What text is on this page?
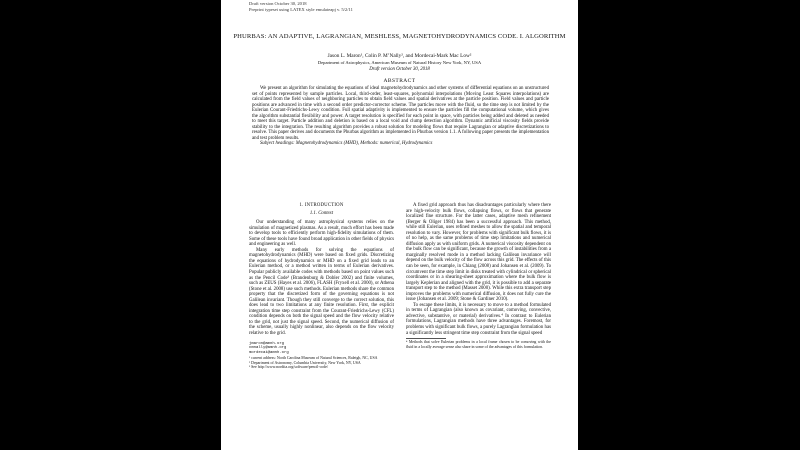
Draft version October 30, 2018
Preprint typeset using LATEX style emulateapj v. 5/2/11
PHURBAS: AN ADAPTIVE, LAGRANGIAN, MESHLESS, MAGNETOHYDRODYNAMICS CODE. I. ALGORITHM
Jason L. Maron¹, Colin P. M’Nally², and Mordecai-Mark Mac Low²
Department of Astrophysics, American Museum of Natural History New York, NY, USA
Draft version October 30, 2018
ABSTRACT
We present an algorithm for simulating the equations of ideal magnetohydrodynamics and other systems of differential equations on an unstructured set of points represented by sample particles. Local, third-order, least-squares, polynomial interpolations (Moving Least Squares interpolations) are calculated from the field values of neighboring particles to obtain field values and spatial derivatives at the particle position. Field values and particle positions are advanced in time with a second order predictor-corrector scheme. The particles move with the fluid, so the time step is not limited by the Eulerian Courant-Friedrichs-Lewy condition. Full spatial adaptivity is implemented to ensure the particles fill the computational volume, which gives the algorithm substantial flexibility and power. A target resolution is specified for each point in space, with particles being added and deleted as needed to meet this target. Particle addition and deletion is based on a local void and clump detection algorithm. Dynamic artificial viscosity fields provide stability to the integration. The resulting algorithm provides a robust solution for modeling flows that require Lagrangian or adaptive discretizations to resolve. This paper derives and documents the Phurbas algorithm as implemented in Phurbas version 1.1. A following paper presents the implementation and test problem results.
Subject headings: Magnetohydrodynamics (MHD), Methods: numerical, Hydrodynamics
1. INTRODUCTION
1.1. Context

Our understanding of many astrophysical systems relies on the simulation of magnetized plasmas. As a result, much effort has been made to develop tools to efficiently perform high-fidelity simulations of them. Some of these tools have found broad application in other fields of physics and engineering as well.

Many early methods for solving the equations of magnetohydrodynamics (MHD) were based on fixed grids. Discretizing the equations of hydrodynamics or MHD on a fixed grid leads to an Eulerian method, or a method written in terms of Eulerian derivatives. Popular publicly available codes with methods based on point values such as the Pencil Code³ (Brandenburg & Dobler 2002) and finite volumes, such as ZEUS (Hayes et al. 2006), FLASH (Fryxell et al. 2000), or Athena (Stone et al. 2008) use such methods. Eulerian methods share the common property that the discretized form of the governing equations is not Galilean invariant. Though they still converge to the correct solution, this does lead to two limitations at any finite resolution. First, the explicit integration time step constraint from the Courant-Friedrichs-Lewy (CFL) condition depends on both the signal speed and the flow velocity relative to the grid, not just the signal speed. Second, the numerical diffusion of the scheme, usually highly nonlinear, also depends on the flow velocity relative to the grid.

jmaron@amnh.org
cmnally@amnh.org
mordecai@amnh.org
¹ current address: North Carolina Museum of Natural Sciences, Raleigh, NC, USA
² Department of Astronomy, Columbia University, New York, NY, USA
³ See http://www.nordita.org/software/pencil-code/

A fixed grid approach thus has disadvantages particularly where there are high-velocity bulk flows, collapsing flows, or flows that generate localized fine structure. For the latter cases, adaptive mesh refinement (Berger & Oliger 1984) has been a successful approach. This method, while still Eulerian, uses refined meshes to allow the spatial and temporal resolution to vary. However, for problems with significant bulk flows, it is of no help, as the same problems of time step limitations and numerical diffusion apply as with uniform grids. A numerical viscosity dependent on the bulk flow can be significant, because the growth of instabilities from a marginally resolved mode in a method lacking Galilean invariance will depend on the bulk velocity of the flow across this grid. The effects of this can be seen, for example, in Chiang (2008) and Johansen et al. (2009). To circumvent the time step limit in disks treated with cylindrical or spherical coordinates or in a shearing-sheet approximation where the bulk flow is largely Keplerian and aligned with the grid, it is possible to add a separate transport step to the method (Masset 2000). While this extra transport step improves the problems with numerical diffusion, it does not fully cure the issue (Johansen et al. 2009; Stone & Gardiner 2010).

To escape these limits, it is necessary to move to a method formulated in terms of Lagrangian (also known as covariant, comoving, convective, advective, substantive, or material) derivatives.⁴ In contrast to Eulerian formulations, Lagrangian methods have three advantages. Foremost, for problems with significant bulk flows, a purely Lagrangian formulation has a significantly less stringent time step constraint from the signal speed

⁴ Methods that solve Eulerian problems in a local frame chosen to be comoving with the fluid in a locally average sense also share in some of the advantages of this formulation.
